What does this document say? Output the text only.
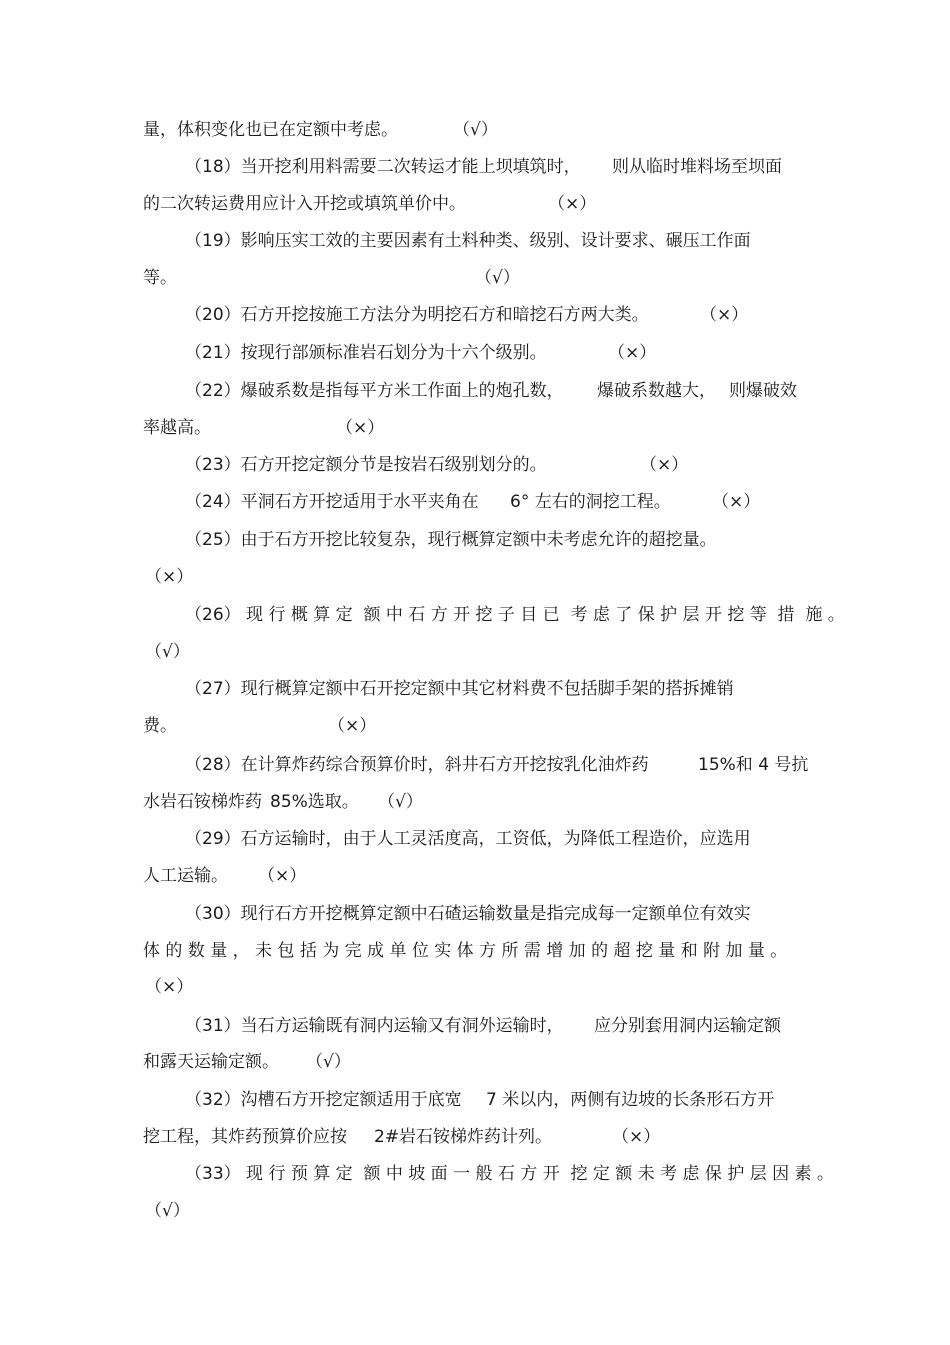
量，体积变化也已在定额中考虑。

	（√）

（18）当开挖利用料需要二次转运才能上坝填筑时，

则从临时堆料场至坝面

的二次转运费用应计入开挖或填筑单价中。

	（×）

（19）影响压实工效的主要因素有土料种类、级别、设计要求、碾压工作面

等。

	（√）

（20）石方开挖按施工方法分为明挖石方和暗挖石方两大类。

	（×）

（21）按现行部颁标准岩石划分为十六个级别。

	（×）

（22）爆破系数是指每平方米工作面上的炮孔数，

爆破系数越大，

则爆破效

率越高。

	（×）

（23）石方开挖定额分节是按岩石级别划分的。

	（×）

（24）平洞石方开挖适用于水平夹角在

6° 左右的洞挖工程。

（×）

（25）由于石方开挖比较复杂，现行概算定额中未考虑允许的超挖量。

（×）

（26） 现 行 概 算 定  额 中 石 方 开 挖 子 目 已  考 虑 了 保 护 层 开 挖 等  措  施 。

（√）

（27）现行概算定额中石开挖定额中其它材料费不包括脚手架的搭拆摊销

费。

	（×）

（28）在计算炸药综合预算价时，斜井石方开挖按乳化油炸药

	15%和 4 号抗

水岩石铵梯炸药

85%选取。

（√）

（29）石方运输时，由于人工灵活度高，工资低，为降低工程造价，应选用

人工运输。

（×）

（30）现行石方开挖概算定额中石碴运输数量是指完成每一定额单位有效实

体 的 数 量 ， 未 包 括 为 完 成 单 位 实 体 方 所 需 增 加 的 超 挖 量 和 附 加 量 。

（×）

（31）当石方运输既有洞内运输又有洞外运输时，

应分别套用洞内运输定额

和露天运输定额。

（√）

（32）沟槽石方开挖定额适用于底宽

7 米以内，两侧有边坡的长条形石方开

挖工程，其炸药预算价应按

2#岩石铵梯炸药计列。

	（×）

（33） 现 行 预 算 定  额 中 坡 面 一 般 石 方 开  挖 定 额 未 考 虑 保 护 层 因 素 。

（√）
